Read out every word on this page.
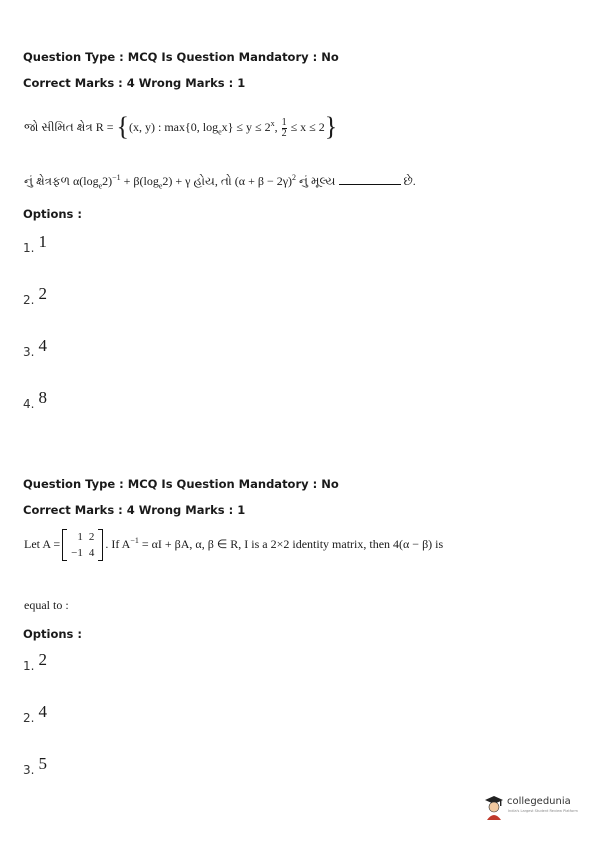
Question Type : MCQ Is Question Mandatory : No
Correct Marks : 4 Wrong Marks : 1
જો સીમિત ક્ષેત્ર R = {(x, y) : max{0, $\log_ex\} \le y \le 2^x$, $\frac{1}{2} \le x \le 2$}
નું ક્ષેત્રફળ $\alpha(\log_e2)^{-1} + \beta(\log_e2) + \gamma$ હોય, તો $(\alpha + \beta - 2\gamma)^2$ નું મૂલ્ય	છે.
Options :
1. 1
2. 2
3. 4
4. 8
Question Type : MCQ Is Question Mandatory : No
Correct Marks : 4 Wrong Marks : 1
Let A = 1	2
−1	4
. If $A^{-1} = \alpha I + \beta A$, α, β ∈ R, I is a 2×2 identity matrix, then 4(α − β) is
equal to :
Options :
1. 2
2. 4
3. 5
collegedunia
India's Largest Student Review Platform
